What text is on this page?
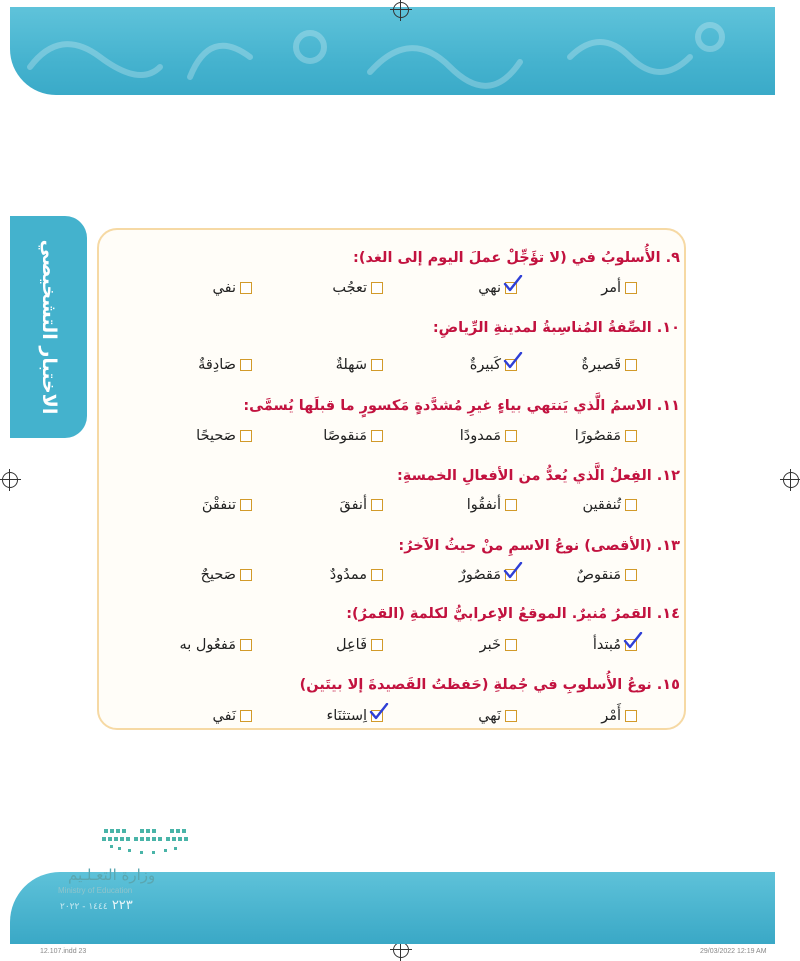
الاختبار التشخيصي	٩. الأُسلوبُ في (لا تؤَجِّلْ عملَ اليوم إلى الغد):
أمر
نهي
تعجُب
نفي
١٠. الصِّفةُ المُناسِبةُ لمدينةِ الرِّياضِ:
قَصيرةٌ
كَبيرةٌ
سَهلةٌ
صَادِقةٌ
١١. الاسمُ الَّذي يَنتهي بياءٍ غيرِ مُشدَّدةٍ مَكسورٍ ما قبلَها يُسمَّى:
مَقصُورًا
مَمدودًا
مَنقوصًا
صَحيحًا
١٢. الفِعلُ الَّذي يُعدُّ من الأفعالِ الخمسةِ:
تُنفقين
أنفقُوا
أنفقَ
تنفقْنَ
١٣. (الأقصى) نوعُ الاسمِ منْ حيثُ الآخرُ:
مَنقوصٌ
مَقصُورٌ
ممدُودٌ
صَحيحٌ
١٤. القمرُ مُنيرٌ. الموقعُ الإعرابيُّ لكلمةِ (القمرُ):
مُبتدأ
خَبر
فَاعِل
مَفعُول به
١٥. نوعُ الأُسلوبِ في جُملةِ (حَفظتُ القَصيدةَ إلا بيتَين)
أَمْر
نَهي
اِستثنَاء
نَفي
وزارة التعـلـيم
Ministry of Education
٢٢٣ ١٤٤٤ - ٢٠٢٢
12.107.indd 23	29/03/2022 12:19 AM
